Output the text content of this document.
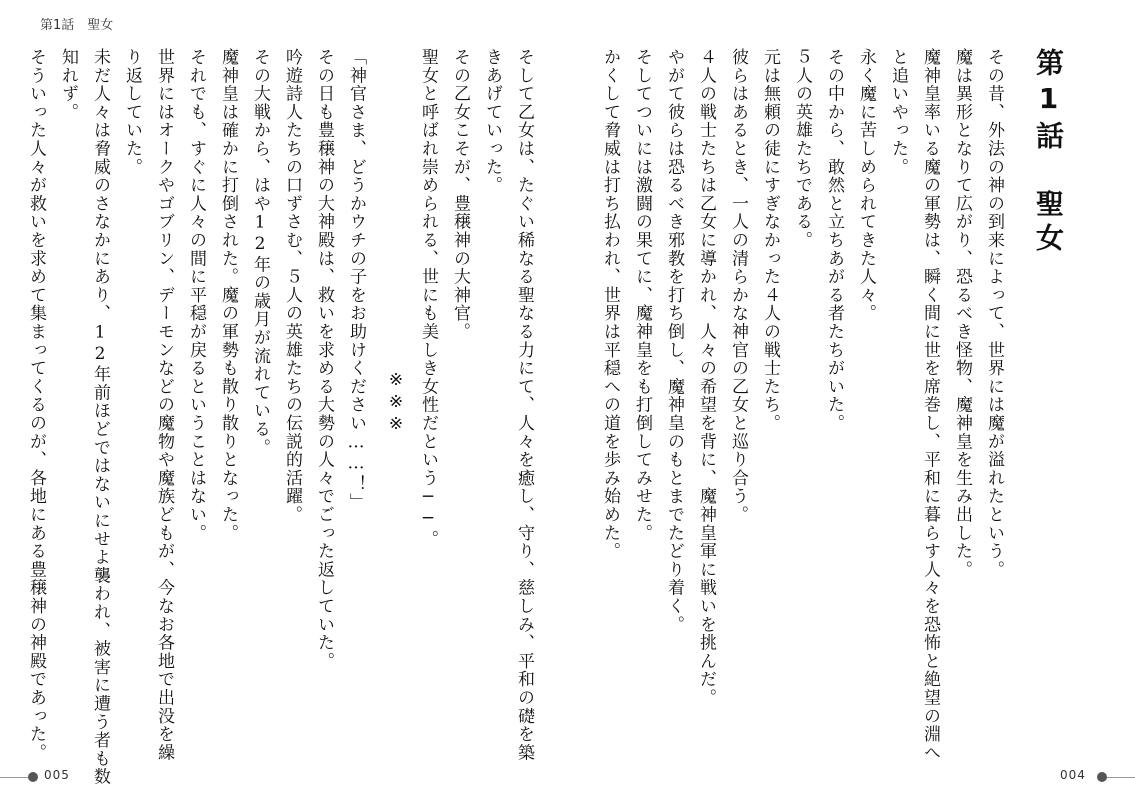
第1話　聖女
第1話　聖女
その昔、外法の神の到来によって、世界には魔が溢れたという。
魔は異形となりて広がり、恐るべき怪物、魔神皇を生み出した。
魔神皇率いる魔の軍勢は、瞬く間に世を席巻し、平和に暮らす人々を恐怖と絶望の淵へ
と追いやった。
永く魔に苦しめられてきた人々。
その中から、敢然と立ちあがる者たちがいた。
５人の英雄たちである。
元は無頼の徒にすぎなかった４人の戦士たち。
彼らはあるとき、一人の清らかな神官の乙女と巡り合う。
４人の戦士たちは乙女に導かれ、人々の希望を背に、魔神皇軍に戦いを挑んだ。
やがて彼らは恐るべき邪教を打ち倒し、魔神皇のもとまでたどり着く。
そしてついには激闘の果てに、魔神皇をも打倒してみせた。
かくして脅威は打ち払われ、世界は平穏への道を歩み始めた。
そして乙女は、たぐい稀なる聖なる力にて、人々を癒し、守り、慈しみ、平和の礎を築
きあげていった。
その乙女こそが、豊穣神の大神官。
聖女と呼ばれ崇められる、世にも美しき女性だという──。
※※※
「神官さま、どうかウチの子をお助けください……！」
その日も豊穣神の大神殿は、救いを求める大勢の人々でごった返していた。
吟遊詩人たちの口ずさむ、５人の英雄たちの伝説的活躍。
その大戦から、はや12年の歳月が流れている。
魔神皇は確かに打倒された。魔の軍勢も散り散りとなった。
それでも、すぐに人々の間に平穏が戻るということはない。
世界にはオークやゴブリン、デーモンなどの魔物や魔族どもが、今なお各地で出没を繰
り返していた。
未だ人々は脅威のさなかにあり、12年前ほどではないにせよ襲われ、被害に遭う者も数
知れず。
そういった人々が救いを求めて集まってくるのが、各地にある豊穣神の神殿であった。
005	004
